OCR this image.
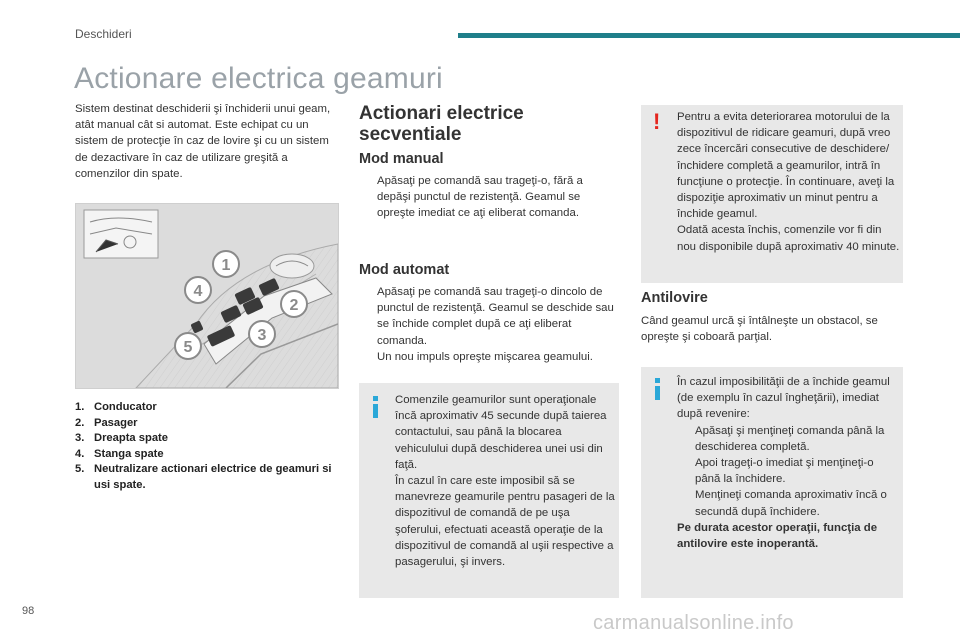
Deschideri
Actionare electrica geamuri
Sistem destinat deschiderii şi închiderii unui geam, atât manual cât si automat. Este echipat cu un sistem de protecţie în caz de lovire şi cu un sistem de dezactivare în caz de utilizare greşită a comenzilor din spate.
1
2
3
4
5
1. Conducator
2. Pasager
3. Dreapta spate
4. Stanga spate
5. Neutralizare actionari electrice de geamuri si usi spate.
Actionari electrice secventiale
Mod manual
Apăsaţi pe comandă sau trageţi-o, fără a depăşi punctul de rezistenţă. Geamul se opreşte imediat ce aţi eliberat comanda.
Mod automat
Apăsaţi pe comandă sau trageţi-o dincolo de punctul de rezistenţă. Geamul se deschide sau se închide complet după ce aţi eliberat comanda.
Un nou impuls opreşte mişcarea geamului.
Comenzile geamurilor sunt operaţionale încă aproximativ 45 secunde după taierea contactului, sau până la blocarea vehiculului după deschiderea unei usi din faţă.
În cazul în care este imposibil să se manevreze geamurile pentru pasageri de la dispozitivul de comandă de pe uşa şoferului, efectuati această operaţie de la dispozitivul de comandă al uşii respective a pasagerului, şi invers.
! Pentru a evita deteriorarea motorului de la dispozitivul de ridicare geamuri, după vreo zece încercări consecutive de deschidere/închidere completă a geamurilor, intră în funcţiune o protecţie. În continuare, aveţi la dispoziţie aproximativ un minut pentru a închide geamul.
Odată acesta închis, comenzile vor fi din nou disponibile după aproximativ 40 minute.
Antilovire
Când geamul urcă şi întâlneşte un obstacol, se opreşte şi coboară parţial.
În cazul imposibilităţii de a închide geamul (de exemplu în cazul îngheţării), imediat după revenire:
Apăsaţi şi menţineţi comanda până la deschiderea completă.
Apoi trageţi-o imediat şi menţineţi-o până la închidere.
Menţineţi comanda aproximativ încă o secundă după închidere.
Pe durata acestor operaţii, funcţia de antilovire este inoperantă.
98
carmanualsonline.info
